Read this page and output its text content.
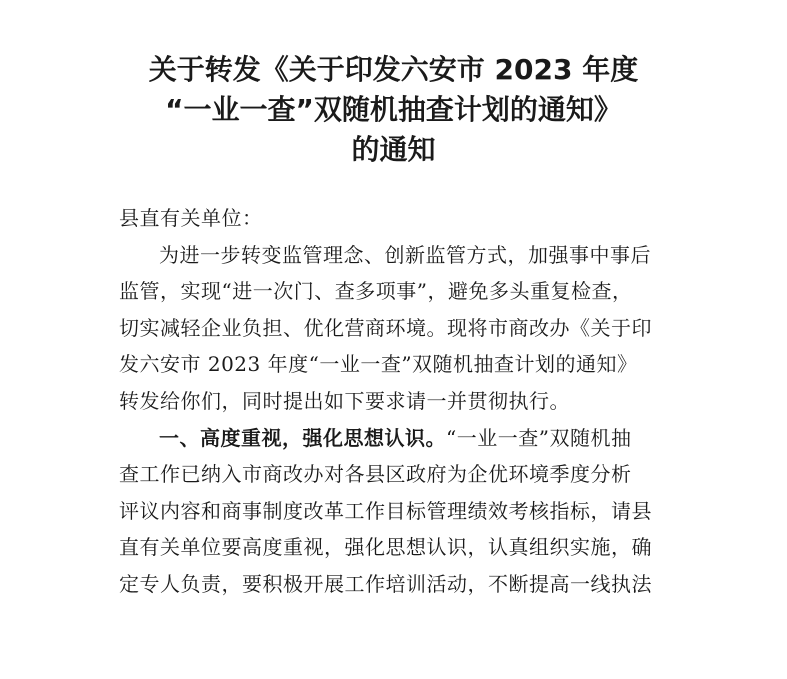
关于转发《关于印发六安市 2023 年度
“一业一查”双随机抽查计划的通知》
的通知
县直有关单位：

为进一步转变监管理念、创新监管方式，加强事中事后
监管，实现“进一次门、查多项事”，避免多头重复检查，
切实减轻企业负担、优化营商环境。现将市商改办《关于印
发六安市 2023 年度“一业一查”双随机抽查计划的通知》
转发给你们，同时提出如下要求请一并贯彻执行。

一、高度重视，强化思想认识。“一业一查”双随机抽
查工作已纳入市商改办对各县区政府为企优环境季度分析
评议内容和商事制度改革工作目标管理绩效考核指标，请县
直有关单位要高度重视，强化思想认识，认真组织实施，确
定专人负责，要积极开展工作培训活动，不断提高一线执法
